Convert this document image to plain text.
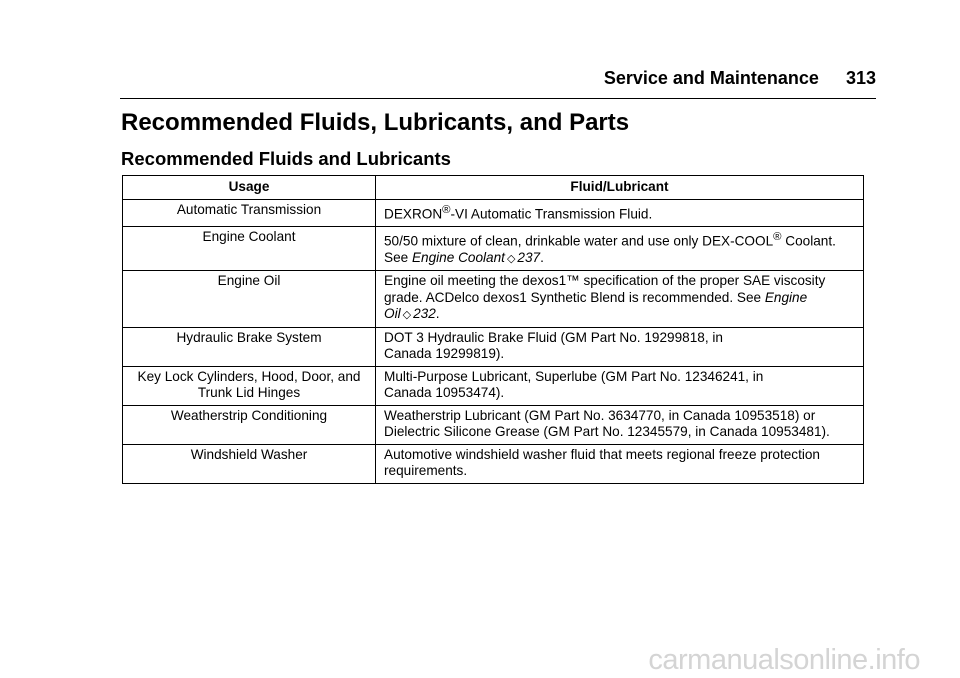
Service and Maintenance 313
Recommended Fluids, Lubricants, and Parts
Recommended Fluids and Lubricants
Usage	Fluid/Lubricant
Automatic Transmission	DEXRON®-VI Automatic Transmission Fluid.
Engine Coolant	50/50 mixture of clean, drinkable water and use only DEX-COOL® Coolant. See Engine Coolant ◇ 237.
Engine Oil	Engine oil meeting the dexos1™ specification of the proper SAE viscosity grade. ACDelco dexos1 Synthetic Blend is recommended. See Engine Oil ◇ 232.
Hydraulic Brake System	DOT 3 Hydraulic Brake Fluid (GM Part No. 19299818, in
Canada 19299819).
Key Lock Cylinders, Hood, Door, and
Trunk Lid Hinges	Multi-Purpose Lubricant, Superlube (GM Part No. 12346241, in
Canada 10953474).
Weatherstrip Conditioning	Weatherstrip Lubricant (GM Part No. 3634770, in Canada 10953518) or
Dielectric Silicone Grease (GM Part No. 12345579, in Canada 10953481).
Windshield Washer	Automotive windshield washer fluid that meets regional freeze protection
requirements.
carmanualsonline.info
